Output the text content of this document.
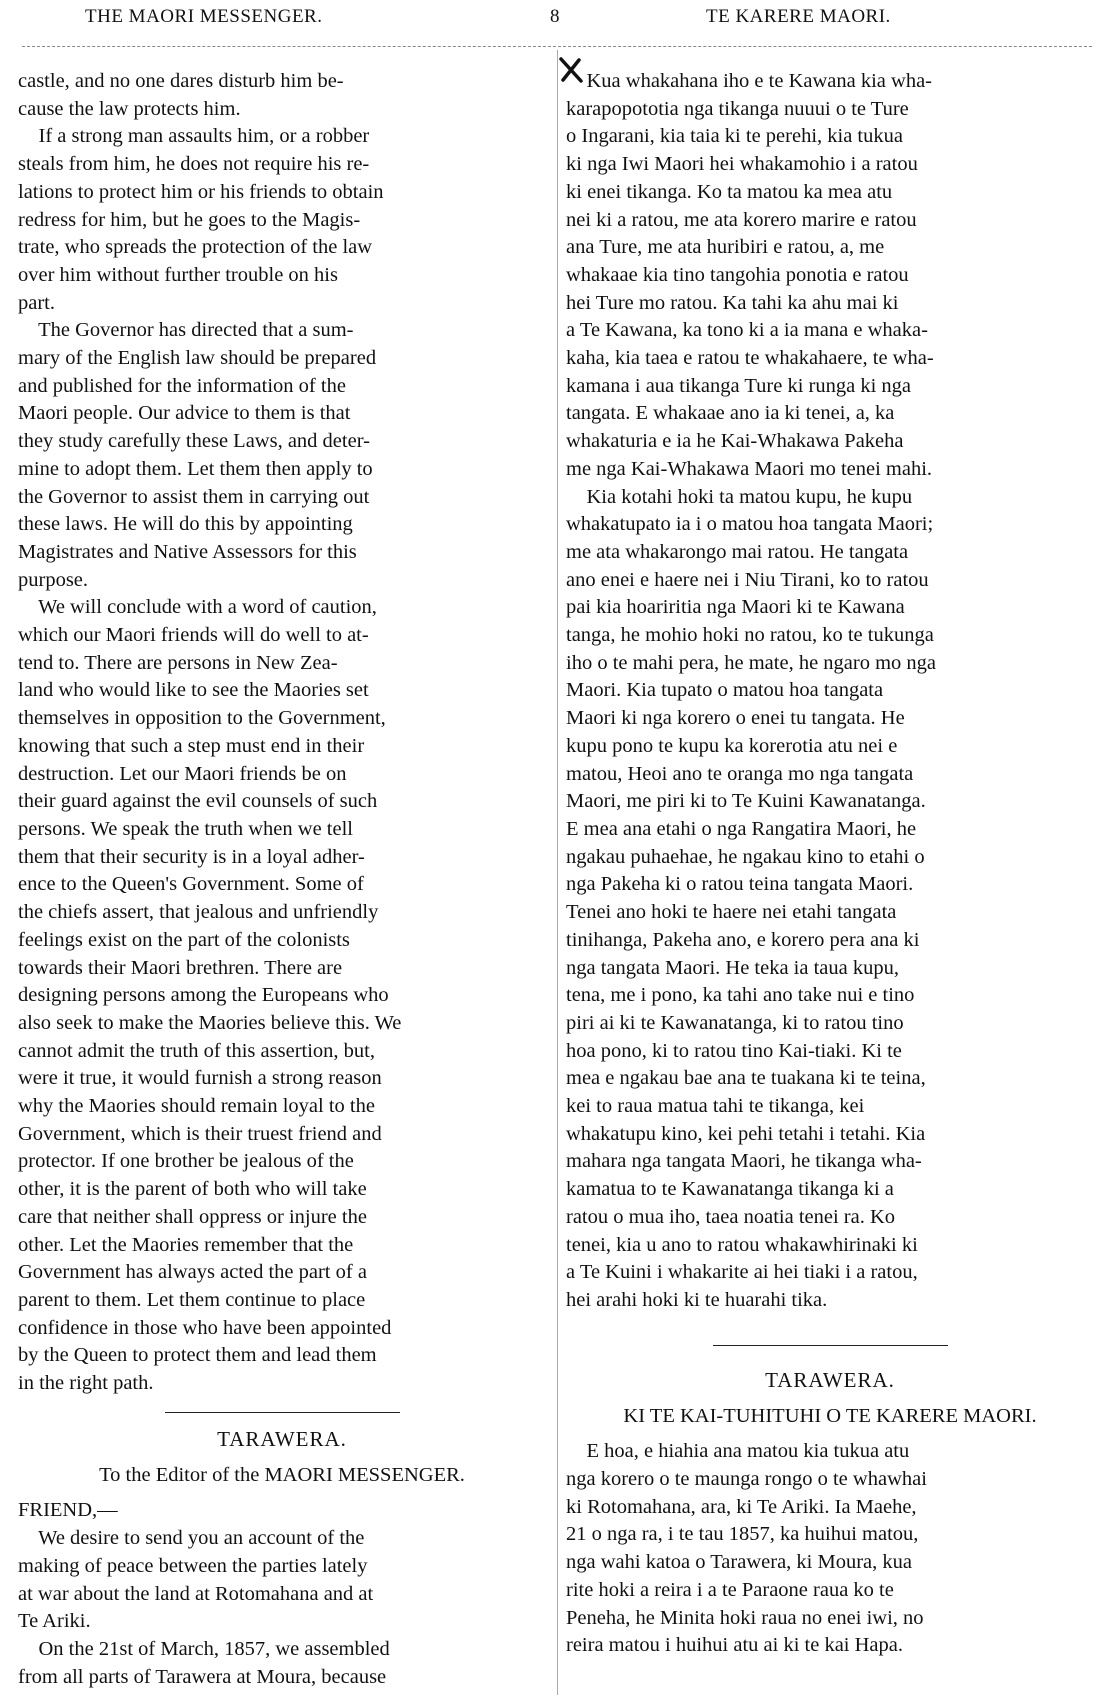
THE MAORI MESSENGER.	8	TE KARERE MAORI.

castle, and no one dares disturb him be-

cause the law protects him.

If a strong man assaults him, or a robber

steals from him, he does not require his re-

lations to protect him or his friends to obtain

redress for him, but he goes to the Magis-

trate, who spreads the protection of the law

over him without further trouble on his

part.

The Governor has directed that a sum-

mary of the English law should be prepared

and published for the information of the

Maori people. Our advice to them is that

they study carefully these Laws, and deter-

mine to adopt them. Let them then apply to

the Governor to assist them in carrying out

these laws. He will do this by appointing

Magistrates and Native Assessors for this

purpose.

We will conclude with a word of caution,

which our Maori friends will do well to at-

tend to. There are persons in New Zea-

land who would like to see the Maories set

themselves in opposition to the Government,

knowing that such a step must end in their

destruction. Let our Maori friends be on

their guard against the evil counsels of such

persons. We speak the truth when we tell

them that their security is in a loyal adher-

ence to the Queen's Government. Some of

the chiefs assert, that jealous and unfriendly

feelings exist on the part of the colonists

towards their Maori brethren. There are

designing persons among the Europeans who

also seek to make the Maories believe this. We

cannot admit the truth of this assertion, but,

were it true, it would furnish a strong reason

why the Maories should remain loyal to the

Government, which is their truest friend and

protector. If one brother be jealous of the

other, it is the parent of both who will take

care that neither shall oppress or injure the

other. Let the Maories remember that the

Government has always acted the part of a

parent to them. Let them continue to place

confidence in those who have been appointed

by the Queen to protect them and lead them

in the right path.

TARAWERA.
To the Editor of the MAORI MESSENGER.

FRIEND,—

We desire to send you an account of the

making of peace between the parties lately

at war about the land at Rotomahana and at

Te Ariki.

On the 21st of March, 1857, we assembled

from all parts of Tarawera at Moura, because

Kua whakahana iho e te Kawana kia wha-

karapopototia nga tikanga nuuui o te Ture

o Ingarani, kia taia ki te perehi, kia tukua

ki nga Iwi Maori hei whakamohio i a ratou

ki enei tikanga. Ko ta matou ka mea atu

nei ki a ratou, me ata korero marire e ratou

ana Ture, me ata huribiri e ratou, a, me

whakaae kia tino tangohia ponotia e ratou

hei Ture mo ratou. Ka tahi ka ahu mai ki

a Te Kawana, ka tono ki a ia mana e whaka-

kaha, kia taea e ratou te whakahaere, te wha-

kamana i aua tikanga Ture ki runga ki nga

tangata. E whakaae ano ia ki tenei, a, ka

whakaturia e ia he Kai-Whakawa Pakeha

me nga Kai-Whakawa Maori mo tenei mahi.

Kia kotahi hoki ta matou kupu, he kupu

whakatupato ia i o matou hoa tangata Maori;

me ata whakarongo mai ratou. He tangata

ano enei e haere nei i Niu Tirani, ko to ratou

pai kia hoariritia nga Maori ki te Kawana

tanga, he mohio hoki no ratou, ko te tukunga

iho o te mahi pera, he mate, he ngaro mo nga

Maori. Kia tupato o matou hoa tangata

Maori ki nga korero o enei tu tangata. He

kupu pono te kupu ka korerotia atu nei e

matou, Heoi ano te oranga mo nga tangata

Maori, me piri ki to Te Kuini Kawanatanga.

E mea ana etahi o nga Rangatira Maori, he

ngakau puhaehae, he ngakau kino to etahi o

nga Pakeha ki o ratou teina tangata Maori.

Tenei ano hoki te haere nei etahi tangata

tinihanga, Pakeha ano, e korero pera ana ki

nga tangata Maori. He teka ia taua kupu,

tena, me i pono, ka tahi ano take nui e tino

piri ai ki te Kawanatanga, ki to ratou tino

hoa pono, ki to ratou tino Kai-tiaki. Ki te

mea e ngakau bae ana te tuakana ki te teina,

kei to raua matua tahi te tikanga, kei

whakatupu kino, kei pehi tetahi i tetahi. Kia

mahara nga tangata Maori, he tikanga wha-

kamatua to te Kawanatanga tikanga ki a

ratou o mua iho, taea noatia tenei ra. Ko

tenei, kia u ano to ratou whakawhirinaki ki

a Te Kuini i whakarite ai hei tiaki i a ratou,

hei arahi hoki ki te huarahi tika.

TARAWERA.
KI TE KAI-TUHITUHI O TE KARERE MAORI.

E hoa, e hiahia ana matou kia tukua atu

nga korero o te maunga rongo o te whawhai

ki Rotomahana, ara, ki Te Ariki. Ia Maehe,

21 o nga ra, i te tau 1857, ka huihui matou,

nga wahi katoa o Tarawera, ki Moura, kua

rite hoki a reira i a te Paraone raua ko te

Peneha, he Minita hoki raua no enei iwi, no

reira matou i huihui atu ai ki te kai Hapa.
